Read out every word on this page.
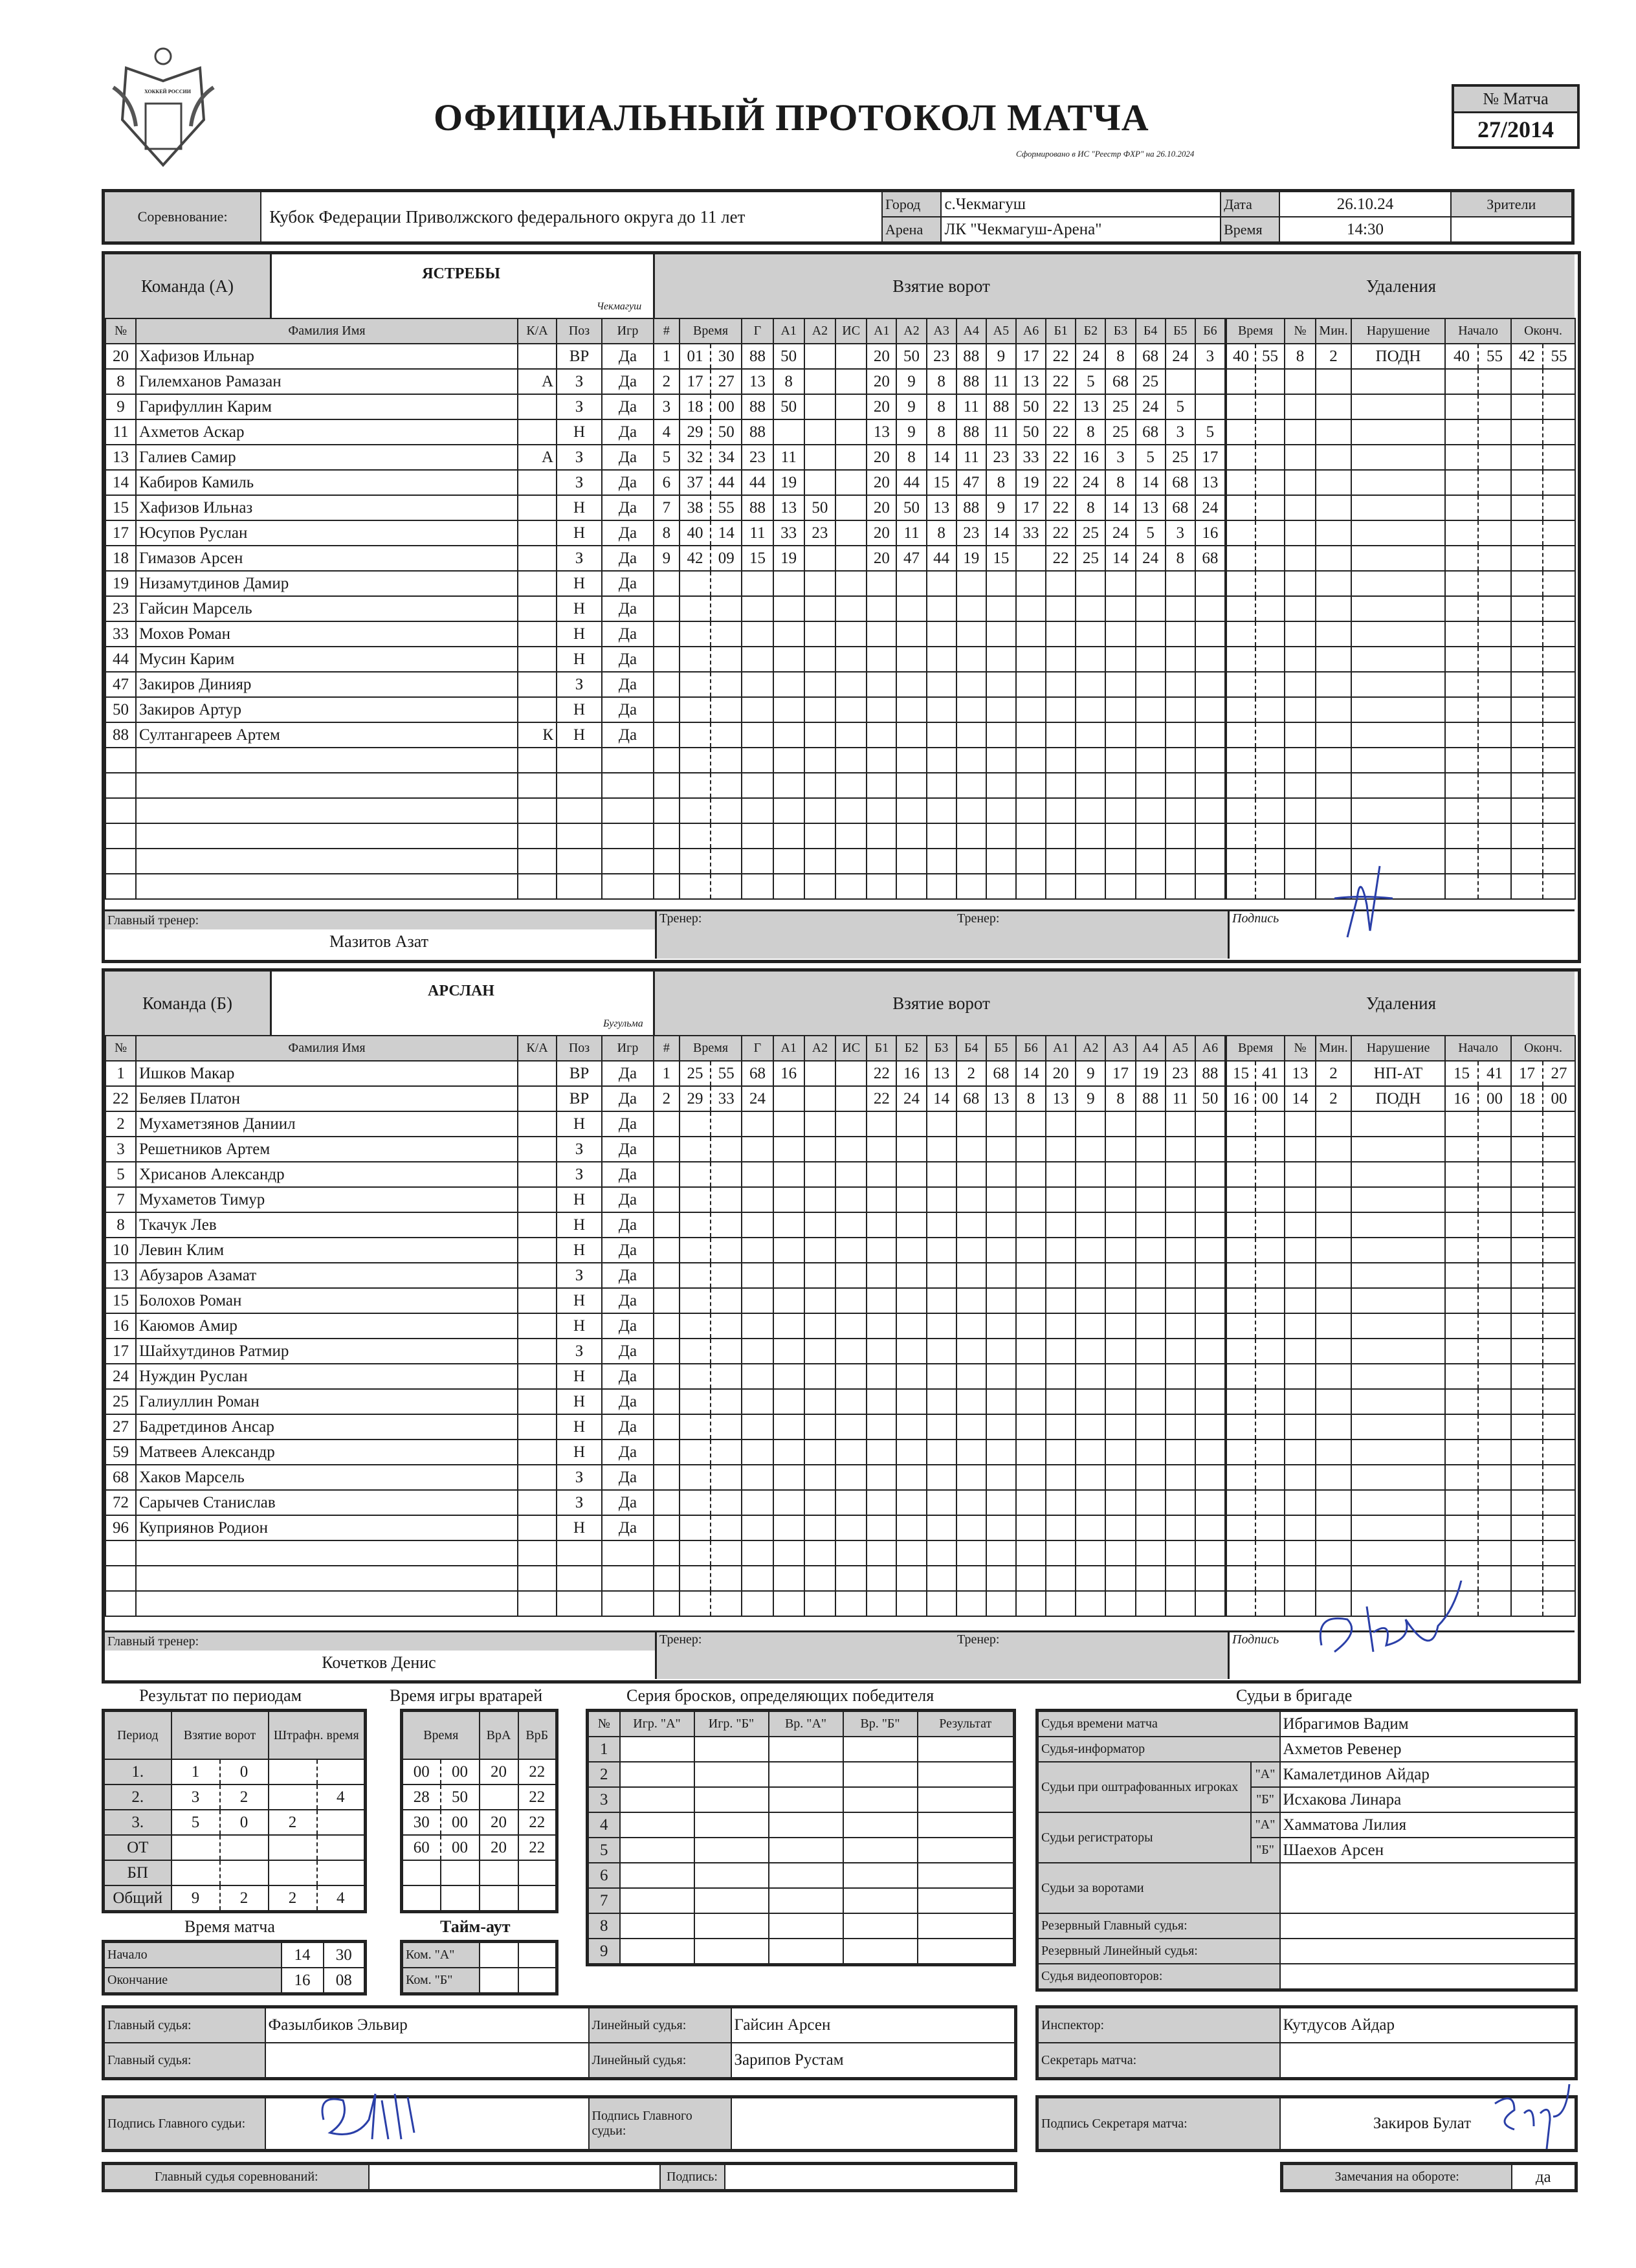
ХОККЕЙ РОССИИ
ОФИЦИАЛЬНЫЙ ПРОТОКОЛ МАТЧА
Сформировано в ИС "Реестр ФХР" на 26.10.2024
№ Матча
27/2014
Соревнование:	Кубок Федерации Приволжского федерального округа до 11 лет	Город	с.Чекмагуш	Дата	26.10.24	Зрители
		Арена	ЛК "Чекмагуш-Арена"	Время	14:30	
Команда (А)
ЯСТРЕБЫ
Чекмагуш
Взятие ворот	Удаления
№	Фамилия Имя	К/А	Поз	Игр
20	Хафизов Ильнар		ВР	Да
8	Гилемханов Рамазан	А	З	Да
9	Гарифуллин Карим		З	Да
11	Ахметов Аскар		Н	Да
13	Галиев Самир	А	З	Да
14	Кабиров Камиль		З	Да
15	Хафизов Ильназ		Н	Да
17	Юсупов Руслан		Н	Да
18	Гимазов Арсен		З	Да
19	Низамутдинов Дамир		Н	Да
23	Гайсин Марсель		Н	Да
33	Мохов Роман		Н	Да
44	Мусин Карим		Н	Да
47	Закиров Динияр		З	Да
50	Закиров Артур		Н	Да
88	Султангареев Артем	К	Н	Да

#	Время		Г	А1	А2	ИС	А1	А2	А3	А4	А5	А6	Б1	Б2	Б3	Б4	Б5	Б6
1	01	30	88	50			20	50	23	88	9	17	22	24	8	68	24	3
2	17	27	13	8			20	9	8	88	11	13	22	5	68	25		
3	18	00	88	50			20	9	8	11	88	50	22	13	25	24	5	
4	29	50	88				13	9	8	88	11	50	22	8	25	68	3	5
5	32	34	23	11			20	8	14	11	23	33	22	16	3	5	25	17
6	37	44	44	19			20	44	15	47	8	19	22	24	8	14	68	13
7	38	55	88	13	50		20	50	13	88	9	17	22	8	14	13	68	24
8	40	14	11	33	23		20	11	8	23	14	33	22	25	24	5	3	16
9	42	09	15	19			20	47	44	19	15		22	25	14	24	8	68

Время		№	Мин.	Нарушение	Начало		Оконч.	
40	55	8	2	ПОДН	40	55	42	55

Главный тренер:
Мазитов Азат
Тренер:	Тренер:	Подпись
Команда (Б)
АРСЛАН
Бугульма
Взятие ворот	Удаления
№	Фамилия Имя	К/А	Поз	Игр
1	Ишков Макар		ВР	Да
22	Беляев Платон		ВР	Да
2	Мухаметзянов Даниил		Н	Да
3	Решетников Артем		З	Да
5	Хрисанов Александр		З	Да
7	Мухаметов Тимур		Н	Да
8	Ткачук Лев		Н	Да
10	Левин Клим		Н	Да
13	Абузаров Азамат		З	Да
15	Болохов Роман		Н	Да
16	Каюмов Амир		Н	Да
17	Шайхутдинов Ратмир		З	Да
24	Нуждин Руслан		Н	Да
25	Галиуллин Роман		Н	Да
27	Бадретдинов Ансар		Н	Да
59	Матвеев Александр		Н	Да
68	Хаков Марсель		З	Да
72	Сарычев Станислав		З	Да
96	Куприянов Родион		Н	Да

#	Время		Г	А1	А2	ИС	Б1	Б2	Б3	Б4	Б5	Б6	А1	А2	А3	А4	А5	А6
1	25	55	68	16			22	16	13	2	68	14	20	9	17	19	23	88
2	29	33	24				22	24	14	68	13	8	13	9	8	88	11	50

Время		№	Мин.	Нарушение	Начало		Оконч.	
15	41	13	2	НП-АТ	15	41	17	27
16	00	14	2	ПОДН	16	00	18	00

Главный тренер:
Кочетков Денис
Тренер:	Тренер:	Подпись
Результат по периодам
Период	Взятие ворот		Штрафн. время	
1.	1	0		
2.	3	2		4
3.	5	0	2	
ОТ				
БП				
Общий	9	2	2	4
Время игры вратарей
Время		ВрА	ВрБ
00	00	20	22
28	50		22
30	00	20	22
60	00	20	22

Время матча
Начало	14	30
Окончание	16	08
Тайм-аут
Ком. "А"		
Ком. "Б"		
Серия бросков, определяющих победителя
№	Игр. "А"	Игр. "Б"	Вр. "А"	Вр. "Б"	Результат
1					
2					
3					
4					
5					
6					
7					
8					
9					
Судьи в бригаде
Судья времени матча		Ибрагимов Вадим
Судья-информатор		Ахметов Ревенер
Судьи при оштрафованных игроках	"А"	Камалетдинов Айдар
	"Б"	Исхакова Линара
Судьи регистраторы	"А"	Хамматова Лилия
	"Б"	Шаехов Арсен
Судьи за воротами		
Резервный Главный судья:		
Резервный Линейный судья:		
Судья видеоповторов:		
Главный судья:	Фазылбиков Эльвир	Линейный судья:	Гайсин Арсен
Главный судья:		Линейный судья:	Зарипов Рустам
Инспектор:	Кутдусов Айдар
Секретарь матча:	
Подпись Главного судьи:		Подпись Главного судьи:	
Подпись Секретаря матча:	Закиров Булат
Главный судья соревнований:		Подпись:		Замечания на обороте:	да
